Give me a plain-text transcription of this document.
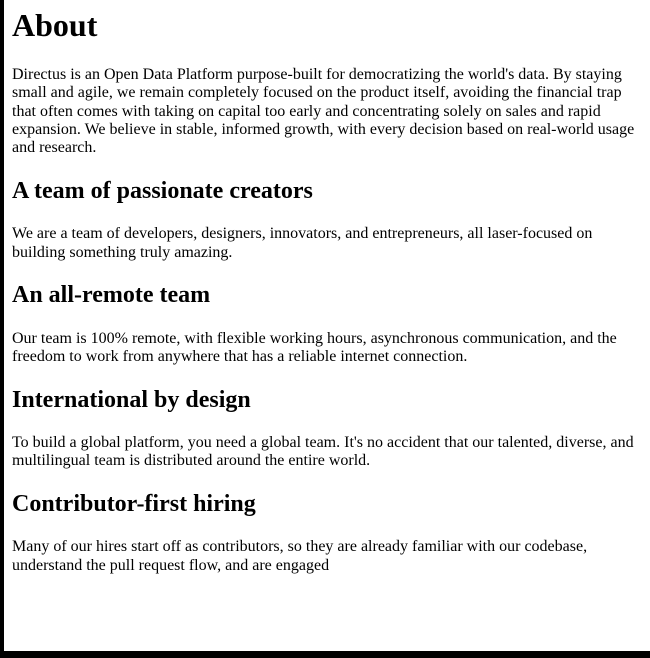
About

Directus is an Open Data Platform purpose-built for democratizing the world's data. By staying small and agile, we remain completely focused on the product itself, avoiding the financial trap that often comes with taking on capital too early and concentrating solely on sales and rapid expansion. We believe in stable, informed growth, with every decision based on real-world usage and research.

A team of passionate creators

We are a team of developers, designers, innovators, and entrepreneurs, all laser-focused on building something truly amazing.

An all-remote team

Our team is 100% remote, with flexible working hours, asynchronous communication, and the freedom to work from anywhere that has a reliable internet connection.

International by design

To build a global platform, you need a global team. It's no accident that our talented, diverse, and multilingual team is distributed around the entire world.

Contributor-first hiring

Many of our hires start off as contributors, so they are already familiar with our codebase, understand the pull request flow, and are engaged
